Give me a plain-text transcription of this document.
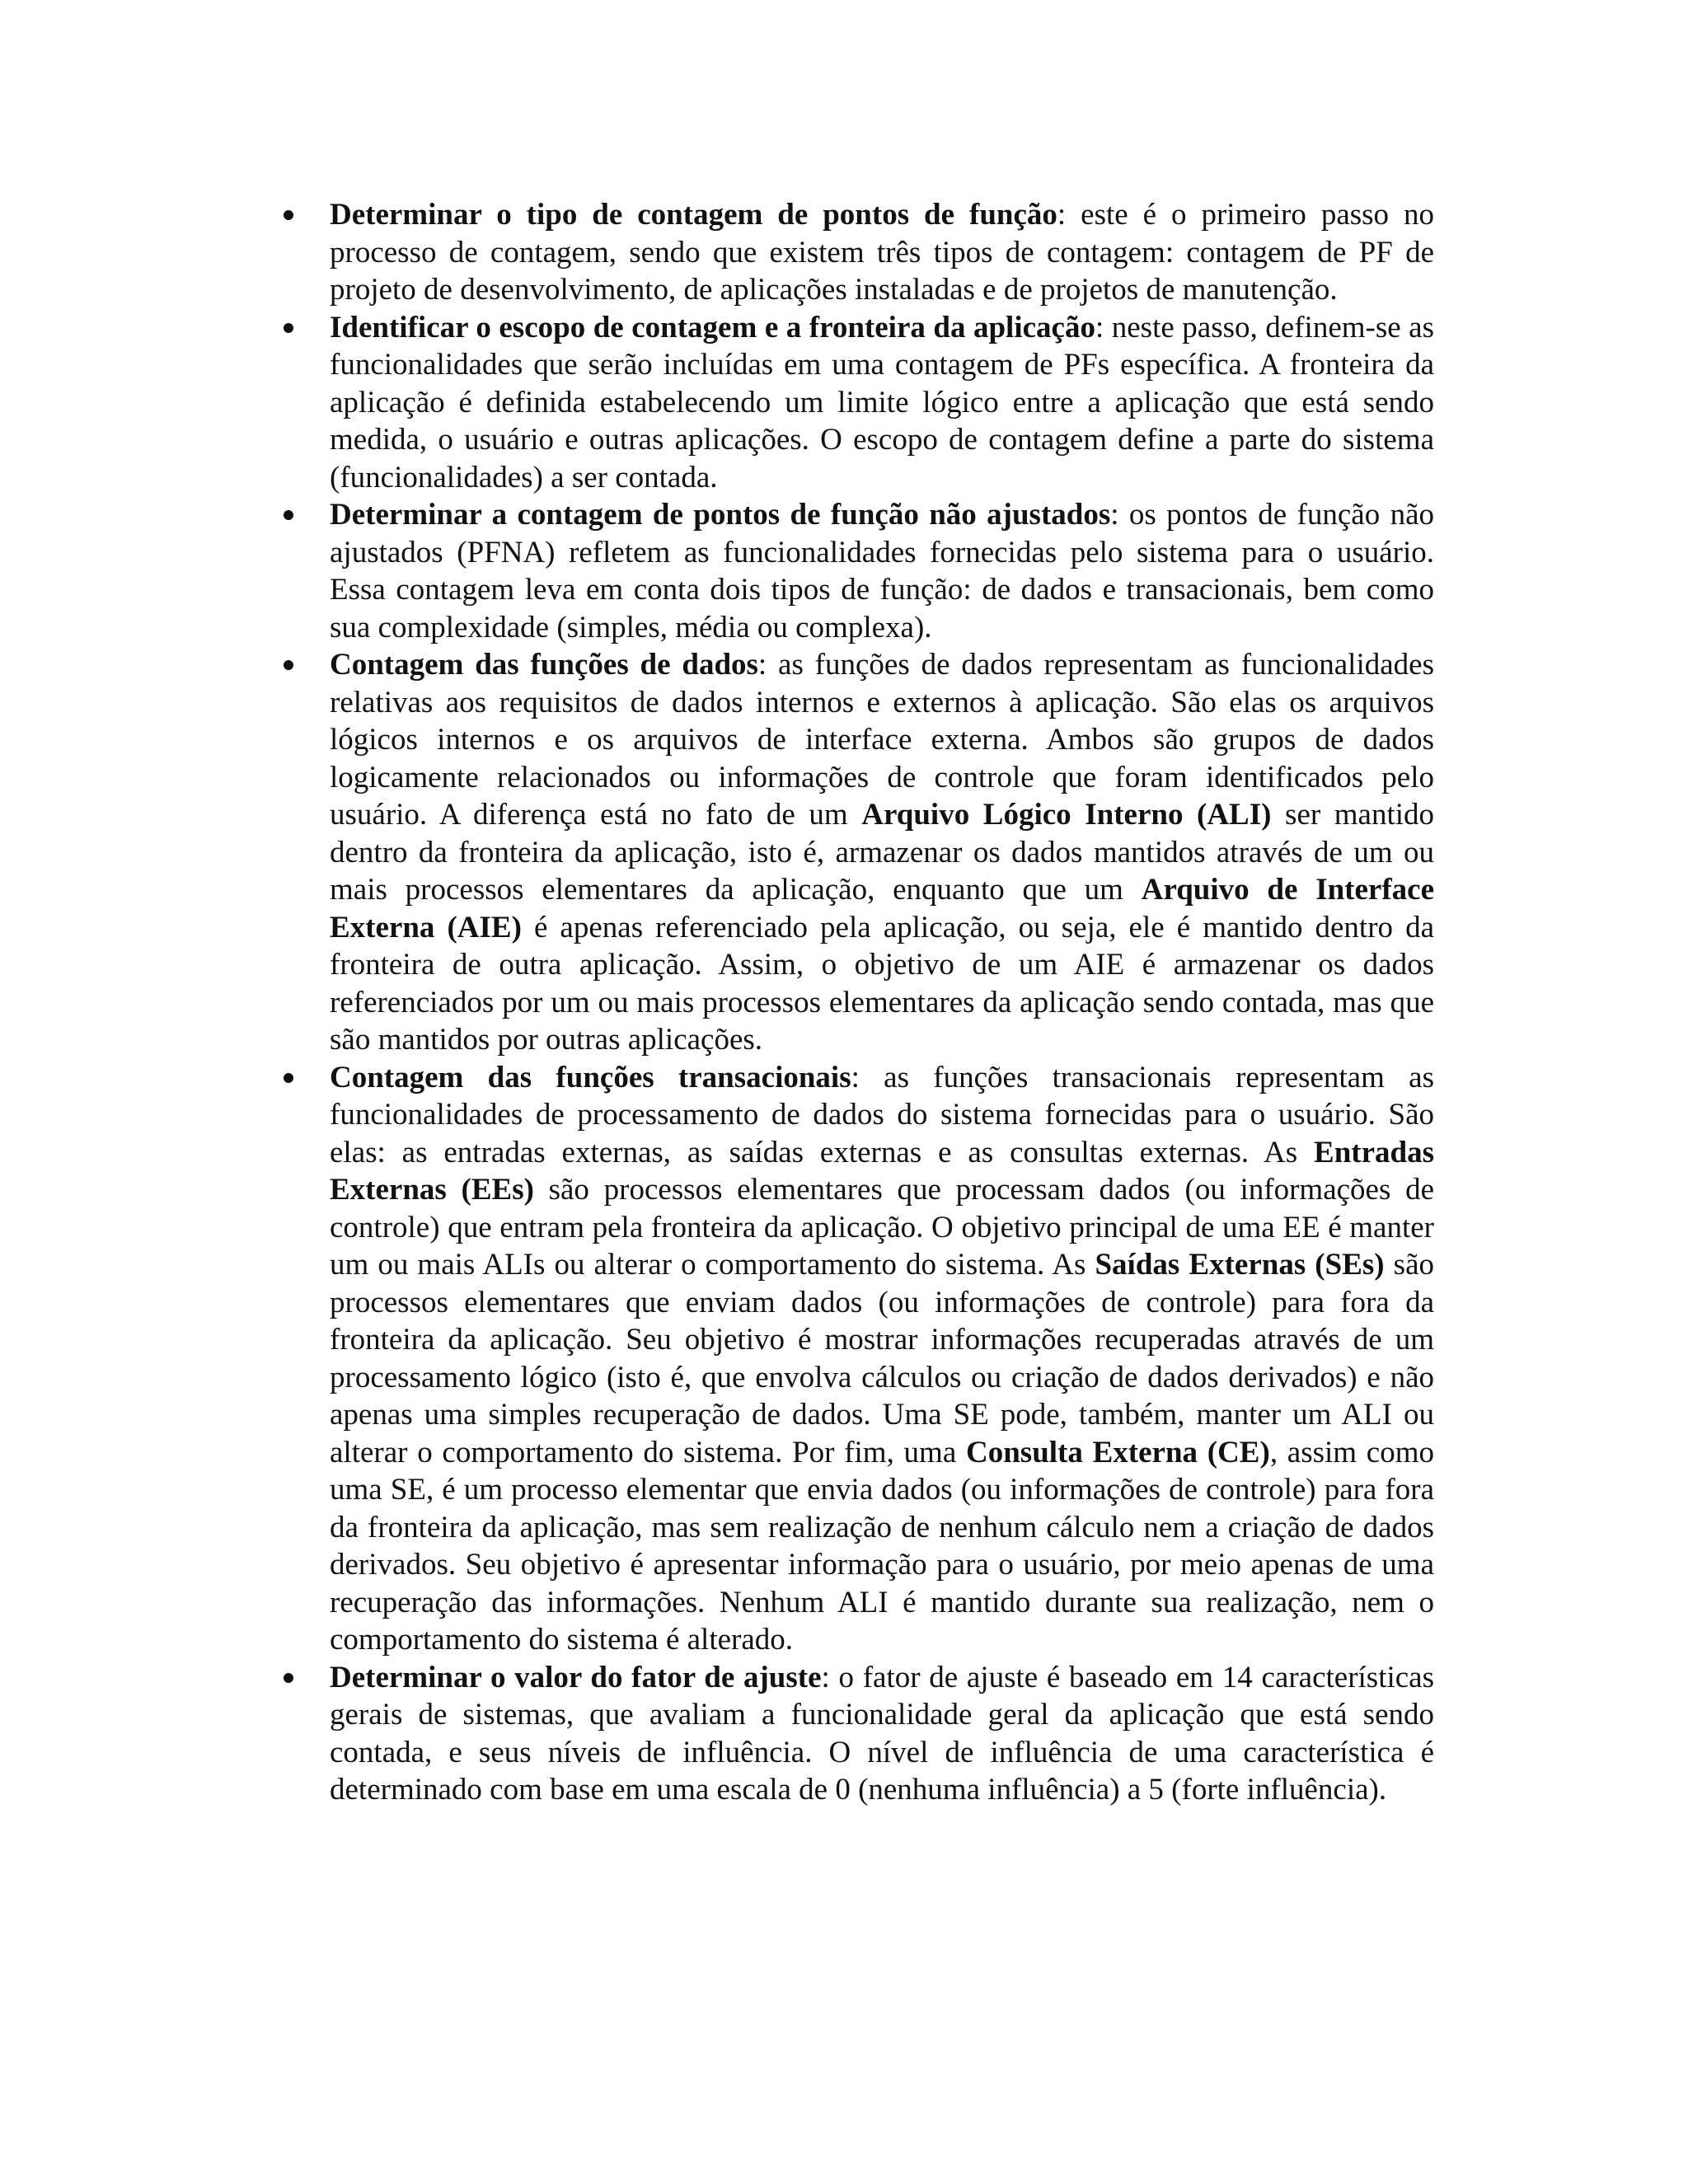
Determinar o tipo de contagem de pontos de função: este é o primeiro passo no processo de contagem, sendo que existem três tipos de contagem: contagem de PF de projeto de desenvolvimento, de aplicações instaladas e de projetos de manutenção.
Identificar o escopo de contagem e a fronteira da aplicação: neste passo, definem-se as funcionalidades que serão incluídas em uma contagem de PFs específica. A fronteira da aplicação é definida estabelecendo um limite lógico entre a aplicação que está sendo medida, o usuário e outras aplicações. O escopo de contagem define a parte do sistema (funcionalidades) a ser contada.
Determinar a contagem de pontos de função não ajustados: os pontos de função não ajustados (PFNA) refletem as funcionalidades fornecidas pelo sistema para o usuário. Essa contagem leva em conta dois tipos de função: de dados e transacionais, bem como sua complexidade (simples, média ou complexa).
Contagem das funções de dados: as funções de dados representam as funcionalidades relativas aos requisitos de dados internos e externos à aplicação. São elas os arquivos lógicos internos e os arquivos de interface externa. Ambos são grupos de dados logicamente relacionados ou informações de controle que foram identificados pelo usuário. A diferença está no fato de um Arquivo Lógico Interno (ALI) ser mantido dentro da fronteira da aplicação, isto é, armazenar os dados mantidos através de um ou mais processos elementares da aplicação, enquanto que um Arquivo de Interface Externa (AIE) é apenas referenciado pela aplicação, ou seja, ele é mantido dentro da fronteira de outra aplicação. Assim, o objetivo de um AIE é armazenar os dados referenciados por um ou mais processos elementares da aplicação sendo contada, mas que são mantidos por outras aplicações.
Contagem das funções transacionais: as funções transacionais representam as funcionalidades de processamento de dados do sistema fornecidas para o usuário. São elas: as entradas externas, as saídas externas e as consultas externas. As Entradas Externas (EEs) são processos elementares que processam dados (ou informações de controle) que entram pela fronteira da aplicação. O objetivo principal de uma EE é manter um ou mais ALIs ou alterar o comportamento do sistema. As Saídas Externas (SEs) são processos elementares que enviam dados (ou informações de controle) para fora da fronteira da aplicação. Seu objetivo é mostrar informações recuperadas através de um processamento lógico (isto é, que envolva cálculos ou criação de dados derivados) e não apenas uma simples recuperação de dados. Uma SE pode, também, manter um ALI ou alterar o comportamento do sistema. Por fim, uma Consulta Externa (CE), assim como uma SE, é um processo elementar que envia dados (ou informações de controle) para fora da fronteira da aplicação, mas sem realização de nenhum cálculo nem a criação de dados derivados. Seu objetivo é apresentar informação para o usuário, por meio apenas de uma recuperação das informações. Nenhum ALI é mantido durante sua realização, nem o comportamento do sistema é alterado.
Determinar o valor do fator de ajuste: o fator de ajuste é baseado em 14 características gerais de sistemas, que avaliam a funcionalidade geral da aplicação que está sendo contada, e seus níveis de influência. O nível de influência de uma característica é determinado com base em uma escala de 0 (nenhuma influência) a 5 (forte influência).
